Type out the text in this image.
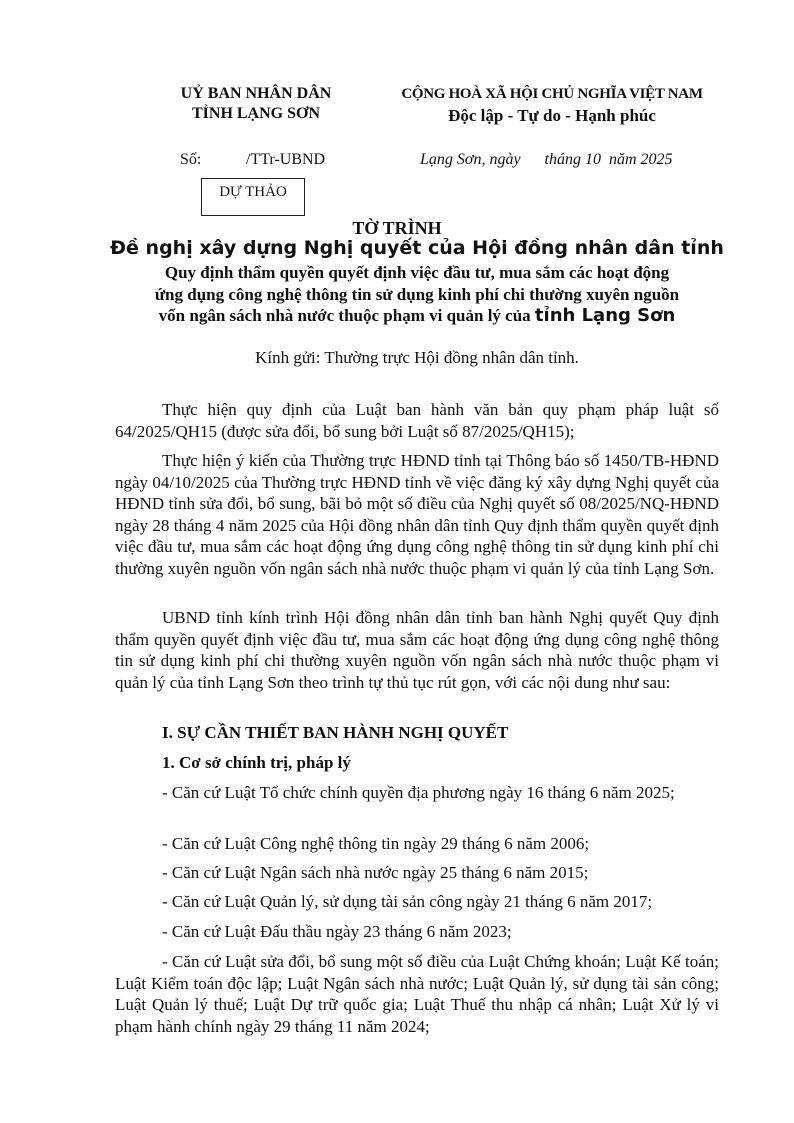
UỶ BAN NHÂN DÂN
TỈNH LẠNG SƠN
CỘNG HOÀ XÃ HỘI CHỦ NGHĨA VIỆT NAM
Độc lập - Tự do - Hạnh phúc
Số:	/TTr-UBND	Lạng Sơn, ngày      tháng 10  năm 2025
DỰ THẢO
TỜ TRÌNH
Đề nghị xây dựng Nghị quyết của Hội đồng nhân dân tỉnh
Quy định thẩm quyền quyết định việc đầu tư, mua sắm các hoạt động
ứng dụng công nghệ thông tin sử dụng kinh phí chi thường xuyên nguồn
vốn ngân sách nhà nước thuộc phạm vi quản lý của tỉnh Lạng Sơn
Kính gửi: Thường trực Hội đồng nhân dân tỉnh.
Thực hiện quy định của Luật ban hành văn bản quy phạm pháp luật số 64/2025/QH15 (được sửa đổi, bổ sung bởi Luật số 87/2025/QH15);
Thực hiện ý kiến của Thường trực HĐND tỉnh tại Thông báo số 1450/TB-HĐND ngày 04/10/2025 của Thường trực HĐND tỉnh về việc đăng ký xây dựng Nghị quyết của HĐND tỉnh sửa đổi, bổ sung, bãi bỏ một số điều của Nghị quyết số 08/2025/NQ-HĐND ngày 28 tháng 4 năm 2025 của Hội đồng nhân dân tỉnh Quy định thẩm quyền quyết định việc đầu tư, mua sắm các hoạt động ứng dụng công nghệ thông tin sử dụng kinh phí chi thường xuyên nguồn vốn ngân sách nhà nước thuộc phạm vi quản lý của tỉnh Lạng Sơn.
UBND tỉnh kính trình Hội đồng nhân dân tỉnh ban hành Nghị quyết Quy định thẩm quyền quyết định việc đầu tư, mua sắm các hoạt động ứng dụng công nghệ thông tin sử dụng kinh phí chi thường xuyên nguồn vốn ngân sách nhà nước thuộc phạm vi quản lý của tỉnh Lạng Sơn theo trình tự thủ tục rút gọn, với các nội dung như sau:
I. SỰ CẦN THIẾT BAN HÀNH NGHỊ QUYẾT
1. Cơ sở chính trị, pháp lý
- Căn cứ Luật Tổ chức chính quyền địa phương ngày 16 tháng 6 năm 2025;
- Căn cứ Luật Công nghệ thông tin ngày 29 tháng 6 năm 2006;
- Căn cứ Luật Ngân sách nhà nước ngày 25 tháng 6 năm 2015;
- Căn cứ Luật Quản lý, sử dụng tài sản công ngày 21 tháng 6 năm 2017;
- Căn cứ Luật Đấu thầu ngày 23 tháng 6 năm 2023;
- Căn cứ Luật sửa đổi, bổ sung một số điều của Luật Chứng khoán; Luật Kế toán; Luật Kiểm toán độc lập; Luật Ngân sách nhà nước; Luật Quản lý, sử dụng tài sản công; Luật Quản lý thuế; Luật Dự trữ quốc gia; Luật Thuế thu nhập cá nhân; Luật Xử lý vi phạm hành chính ngày 29 tháng 11 năm 2024;
